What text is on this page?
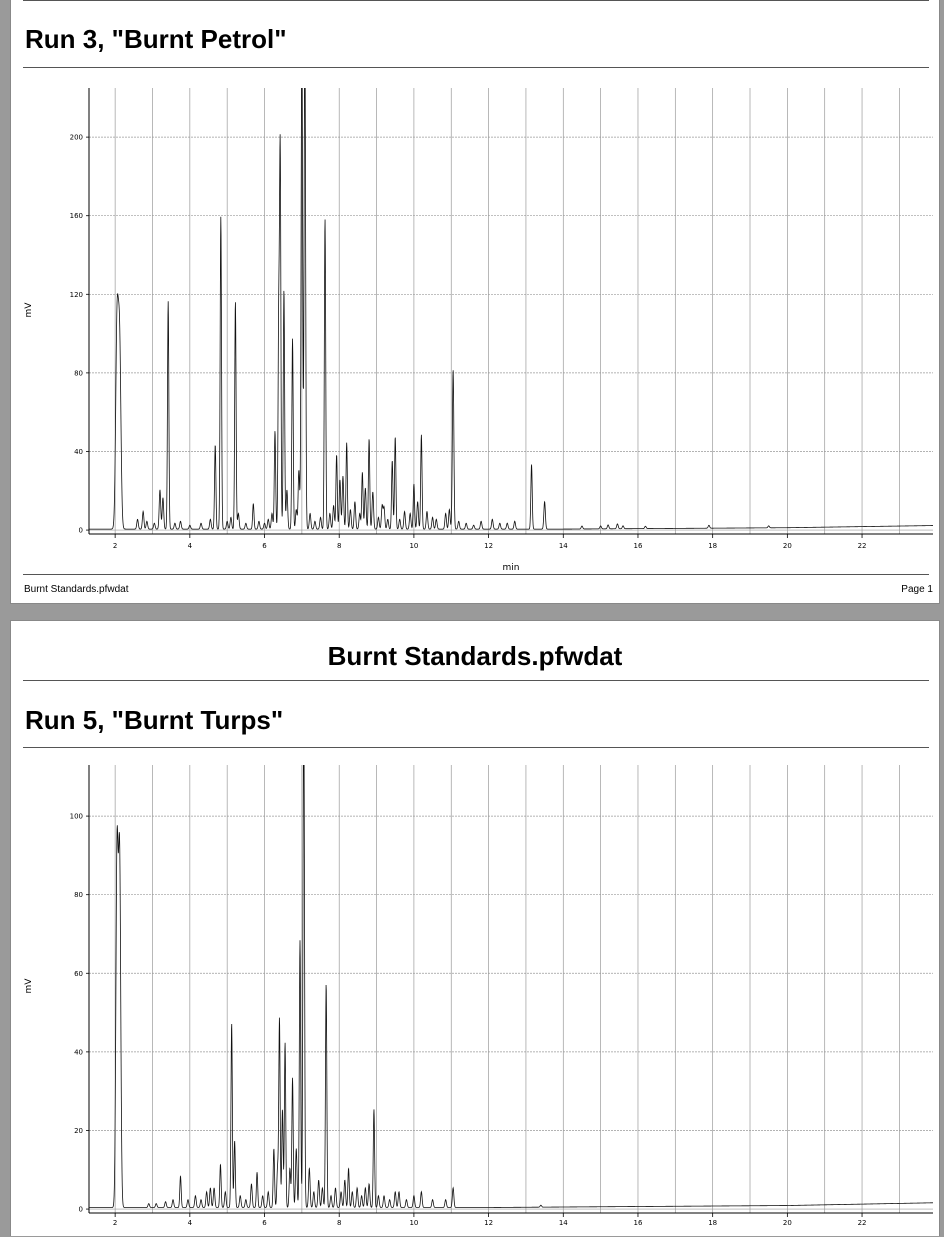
Run 3, "Burnt Petrol"
2	4	6	8	10	12	14	16	18	20	22
0
40
80
120
160
200
min
mV
Burnt Standards.pfwdat	Page 1
Burnt Standards.pfwdat
Run 5, "Burnt Turps"
2	4	6	8	10	12	14	16	18	20	22
0
20
40
60
80
100
mV
